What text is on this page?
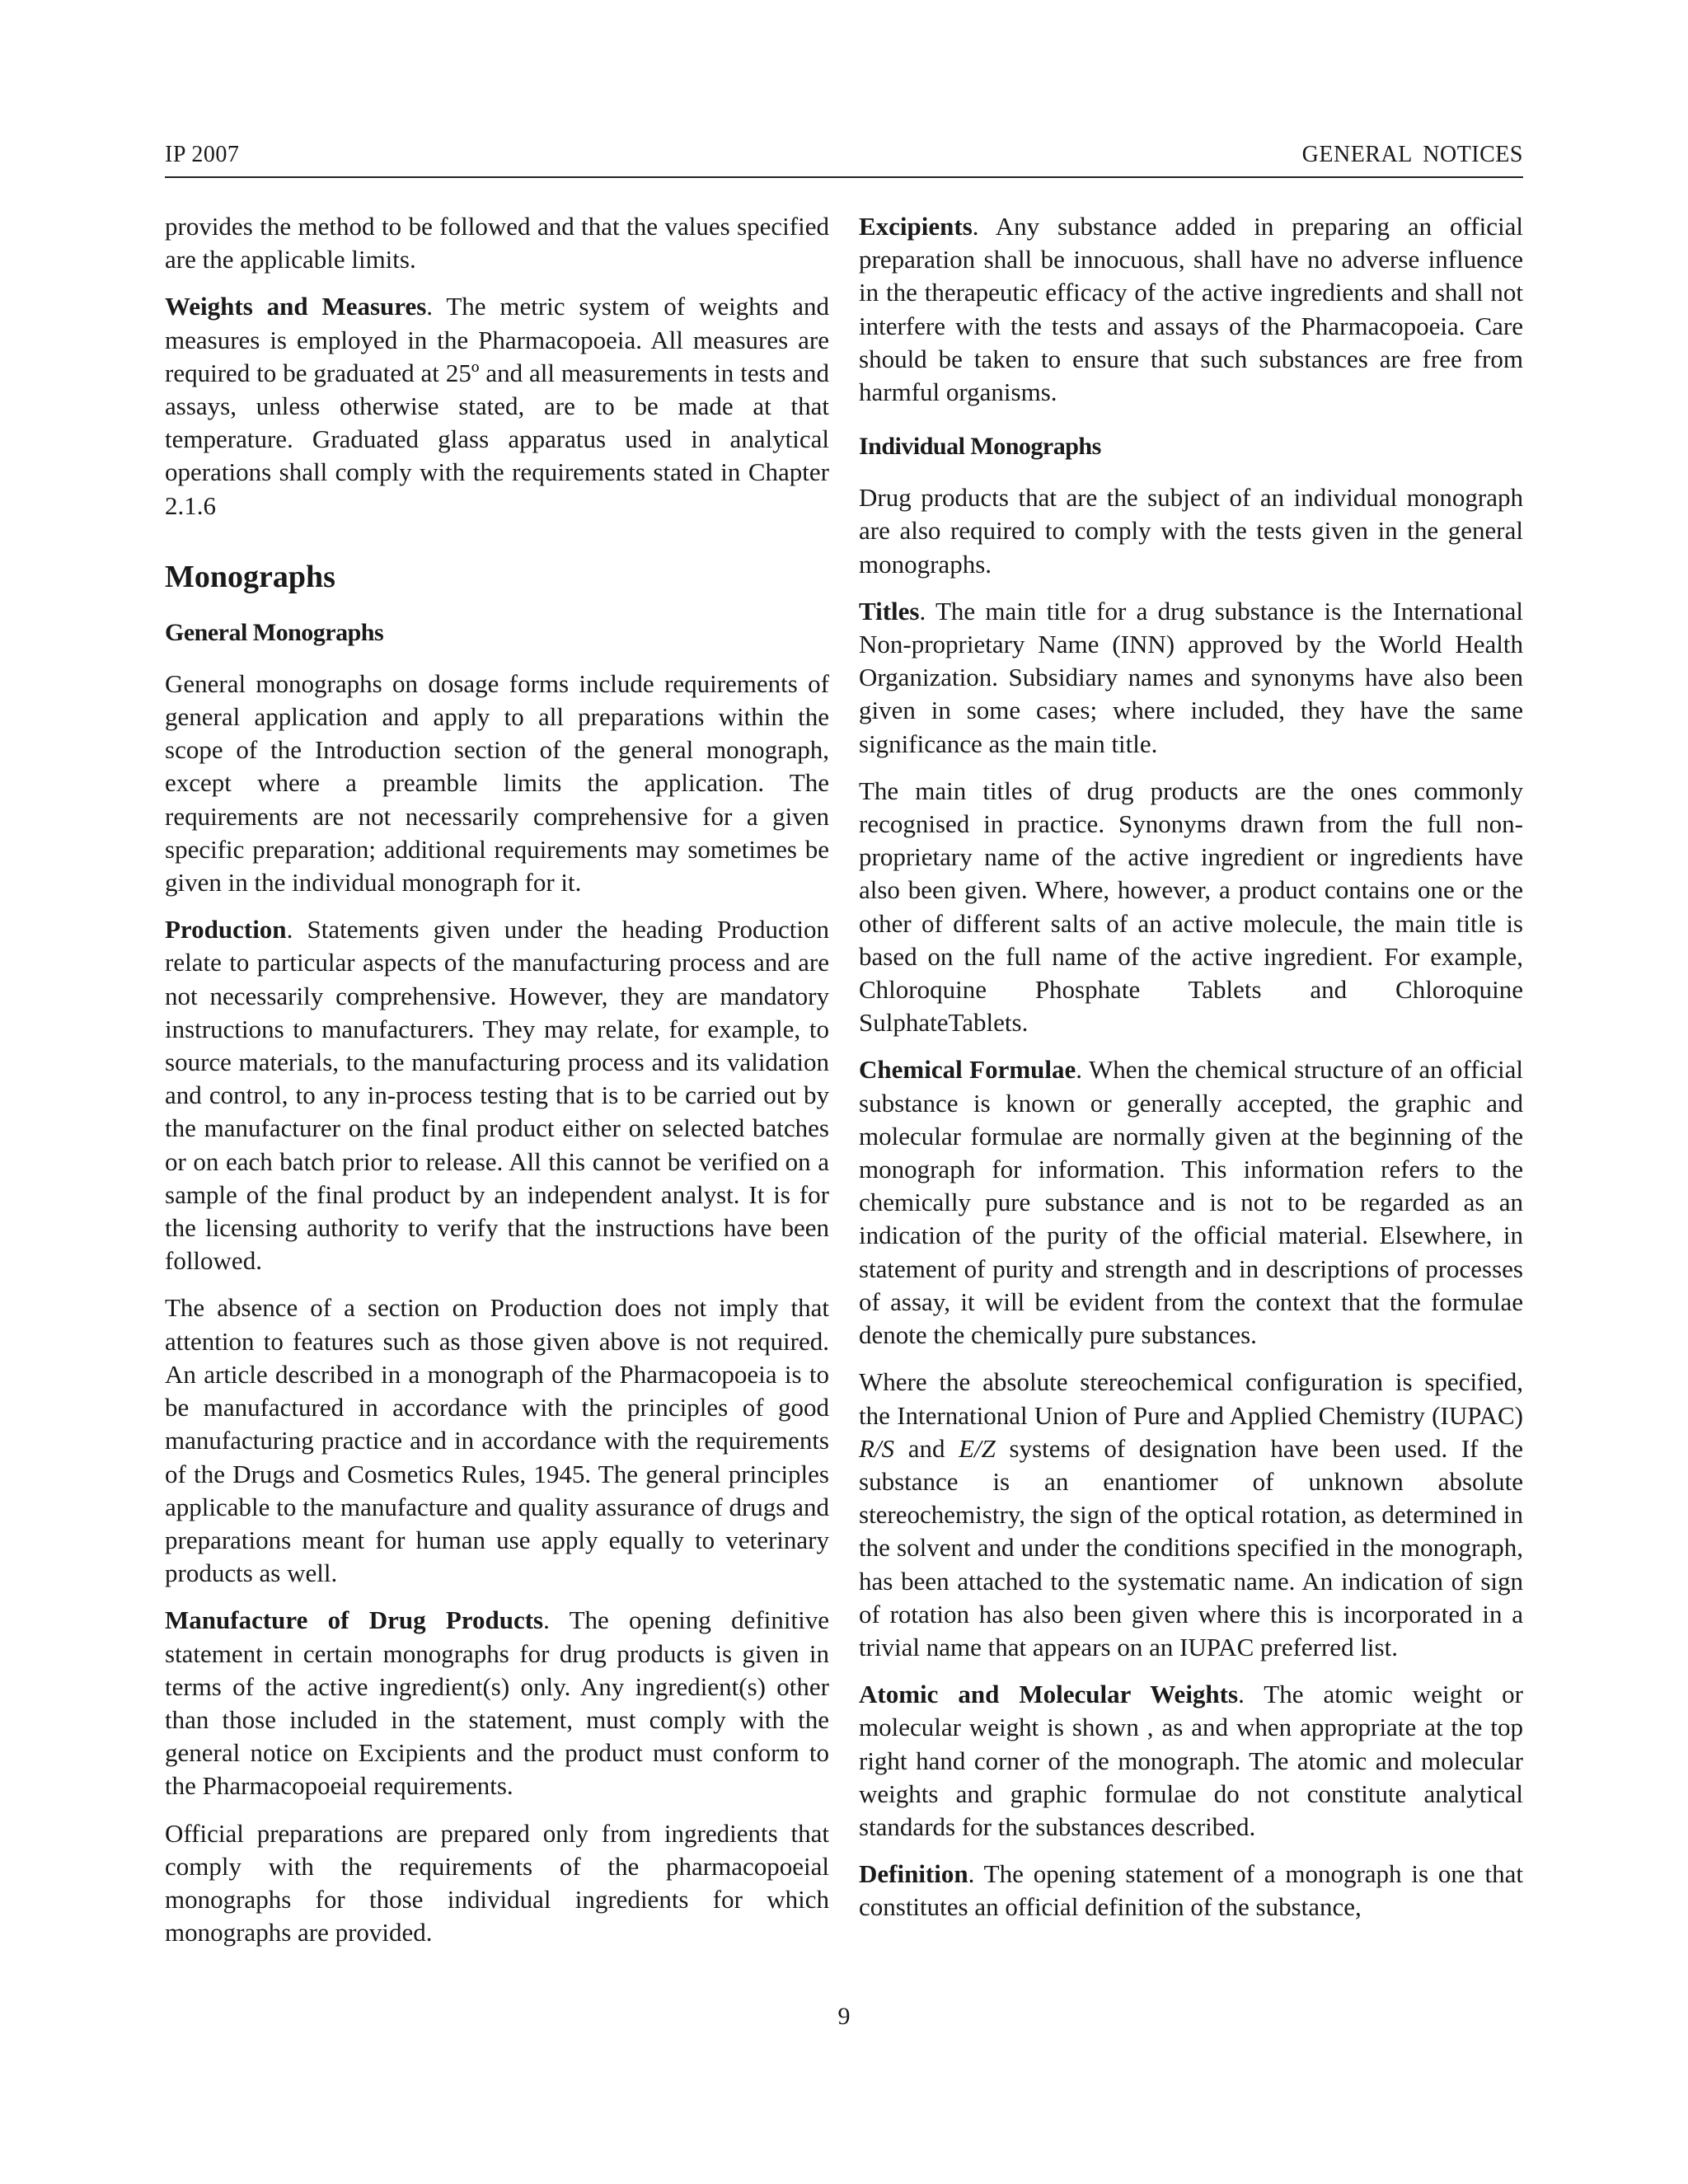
IP 2007	GENERAL NOTICES

provides the method to be followed and that the values specified are the applicable limits.

Weights and Measures. The metric system of weights and measures is employed in the Pharmacopoeia. All measures are required to be graduated at 25º and all measurements in tests and assays, unless otherwise stated, are to be made at that temperature. Graduated glass apparatus used in analytical operations shall comply with the requirements stated in Chapter 2.1.6

Monographs
General Monographs

General monographs on dosage forms include requirements of general application and apply to all preparations within the scope of the Introduction section of the general monograph, except where a preamble limits the application. The requirements are not necessarily comprehensive for a given specific preparation; additional requirements may sometimes be given in the individual monograph for it.

Production. Statements given under the heading Production relate to particular aspects of the manufacturing process and are not necessarily comprehensive. However, they are mandatory instructions to manufacturers. They may relate, for example, to source materials, to the manufacturing process and its validation and control, to any in-process testing that is to be carried out by the manufacturer on the final product either on selected batches or on each batch prior to release. All this cannot be verified on a sample of the final product by an independent analyst. It is for the licensing authority to verify that the instructions have been followed.

The absence of a section on Production does not imply that attention to features such as those given above is not required. An article described in a monograph of the Pharmacopoeia is to be manufactured in accordance with the principles of good manufacturing practice and in accordance with the requirements of the Drugs and Cosmetics Rules, 1945. The general principles applicable to the manufacture and quality assurance of drugs and preparations meant for human use apply equally to veterinary products as well.

Manufacture of Drug Products. The opening definitive statement in certain monographs for drug products is given in terms of the active ingredient(s) only. Any ingredient(s) other than those included in the statement, must comply with the general notice on Excipients and the product must conform to the Pharmacopoeial requirements.

Official preparations are prepared only from ingredients that comply with the requirements of the pharmacopoeial monographs for those individual ingredients for which monographs are provided.

Excipients. Any substance added in preparing an official preparation shall be innocuous, shall have no adverse influence in the therapeutic efficacy of the active ingredients and shall not interfere with the tests and assays of the Pharmacopoeia. Care should be taken to ensure that such substances are free from harmful organisms.

Individual Monographs

Drug products that are the subject of an individual monograph are also required to comply with the tests given in the general monographs.

Titles. The main title for a drug substance is the International Non-proprietary Name (INN) approved by the World Health Organization. Subsidiary names and synonyms have also been given in some cases; where included, they have the same significance as the main title.

The main titles of drug products are the ones commonly recognised in practice. Synonyms drawn from the full non-proprietary name of the active ingredient or ingredients have also been given. Where, however, a product contains one or the other of different salts of an active molecule, the main title is based on the full name of the active ingredient. For example, Chloroquine Phosphate Tablets and Chloroquine SulphateTablets.

Chemical Formulae. When the chemical structure of an official substance is known or generally accepted, the graphic and molecular formulae are normally given at the beginning of the monograph for information. This information refers to the chemically pure substance and is not to be regarded as an indication of the purity of the official material. Elsewhere, in statement of purity and strength and in descriptions of processes of assay, it will be evident from the context that the formulae denote the chemically pure substances.

Where the absolute stereochemical configuration is specified, the International Union of Pure and Applied Chemistry (IUPAC) R/S and E/Z systems of designation have been used. If the substance is an enantiomer of unknown absolute stereochemistry, the sign of the optical rotation, as determined in the solvent and under the conditions specified in the monograph, has been attached to the systematic name. An indication of sign of rotation has also been given where this is incorporated in a trivial name that appears on an IUPAC preferred list.

Atomic and Molecular Weights. The atomic weight or molecular weight is shown , as and when appropriate at the top right hand corner of the monograph. The atomic and molecular weights and graphic formulae do not constitute analytical standards for the substances described.

Definition. The opening statement of a monograph is one that constitutes an official definition of the substance,

9
